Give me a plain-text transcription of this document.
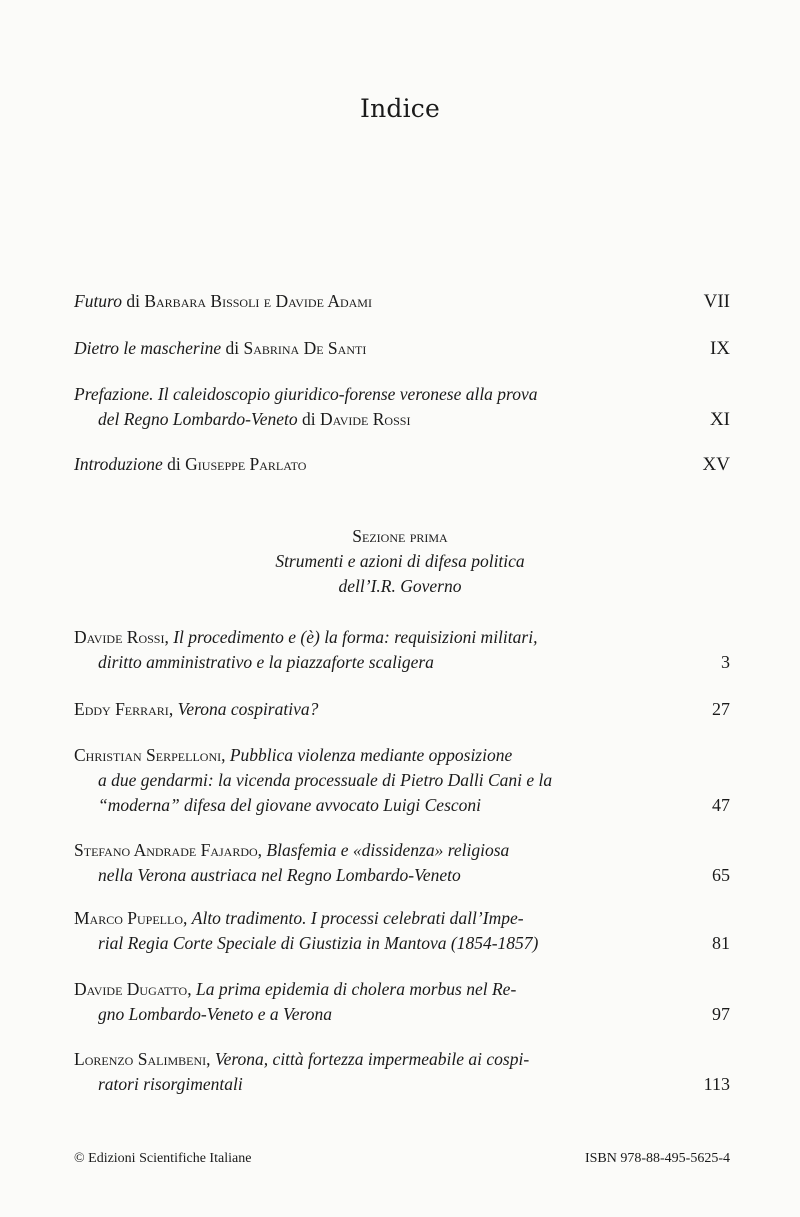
Indice
Futuro di Barbara Bissoli e Davide Adami	VII
Dietro le mascherine di Sabrina De Santi	IX
Prefazione. Il caleidoscopio giuridico-forense veronese alla prova
del Regno Lombardo-Veneto di Davide Rossi	XI
Introduzione di Giuseppe Parlato	XV
Sezione prima
Strumenti e azioni di difesa politica
dell’I.R. Governo
Davide Rossi, Il procedimento e (è) la forma: requisizioni militari,
diritto amministrativo e la piazzaforte scaligera	3
Eddy Ferrari, Verona cospirativa?	27
Christian Serpelloni, Pubblica violenza mediante opposizione
a due gendarmi: la vicenda processuale di Pietro Dalli Cani e la
“moderna” difesa del giovane avvocato Luigi Cesconi	47
Stefano Andrade Fajardo, Blasfemia e «dissidenza» religiosa
nella Verona austriaca nel Regno Lombardo-Veneto	65
Marco Pupello, Alto tradimento. I processi celebrati dall’Impe-
rial Regia Corte Speciale di Giustizia in Mantova (1854-1857)	81
Davide Dugatto, La prima epidemia di cholera morbus nel Re-
gno Lombardo-Veneto e a Verona	97
Lorenzo Salimbeni, Verona, città fortezza impermeabile ai cospi-
ratori risorgimentali	113
© Edizioni Scientifiche Italiane	ISBN 978-88-495-5625-4
